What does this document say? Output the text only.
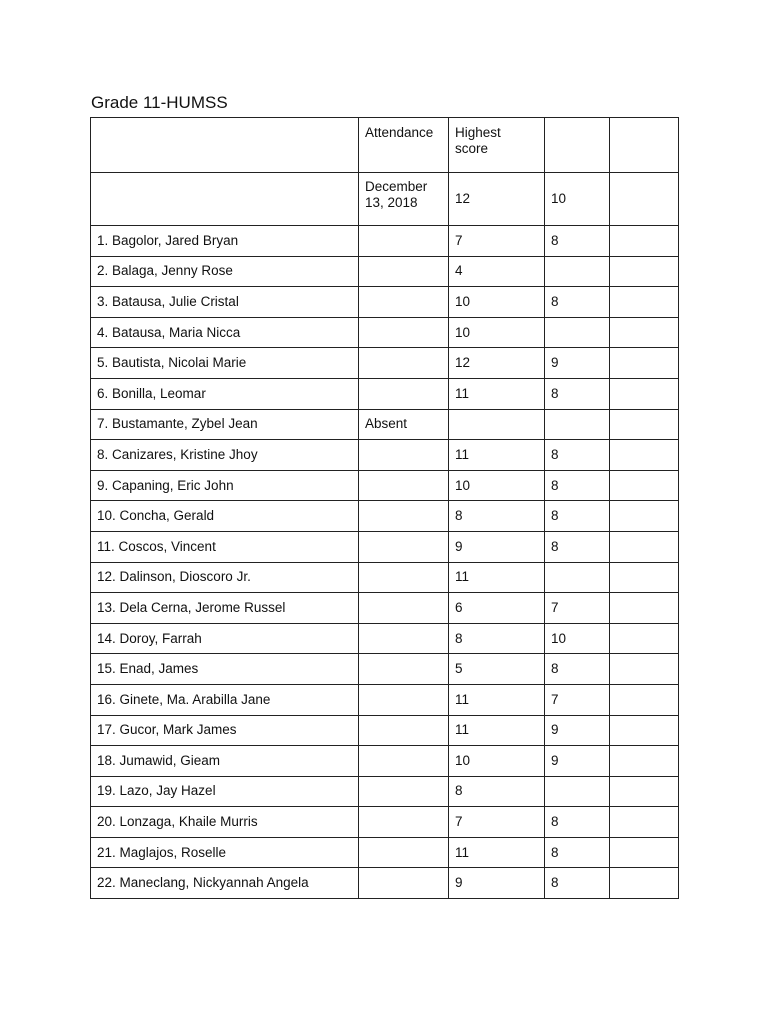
Grade 11-HUMSS
	Attendance	Highest
score		

	December
13, 2018	12	10	
1. Bagolor, Jared Bryan		7	8	
2. Balaga, Jenny Rose		4		
3. Batausa, Julie Cristal		10	8	
4. Batausa, Maria Nicca		10		
5. Bautista, Nicolai Marie		12	9	
6. Bonilla, Leomar		11	8	
7. Bustamante, Zybel Jean	Absent			
8. Canizares, Kristine Jhoy		11	8	
9. Capaning, Eric John		10	8	
10. Concha, Gerald		8	8	
11. Coscos, Vincent		9	8	
12. Dalinson, Dioscoro Jr.		11		
13. Dela Cerna, Jerome Russel		6	7	
14. Doroy, Farrah		8	10	
15. Enad, James		5	8	
16. Ginete, Ma. Arabilla Jane		11	7	
17. Gucor, Mark James		11	9	
18. Jumawid, Gieam		10	9	
19. Lazo, Jay Hazel		8		
20. Lonzaga, Khaile Murris		7	8	
21. Maglajos, Roselle		11	8	
22. Maneclang, Nickyannah Angela		9	8	
